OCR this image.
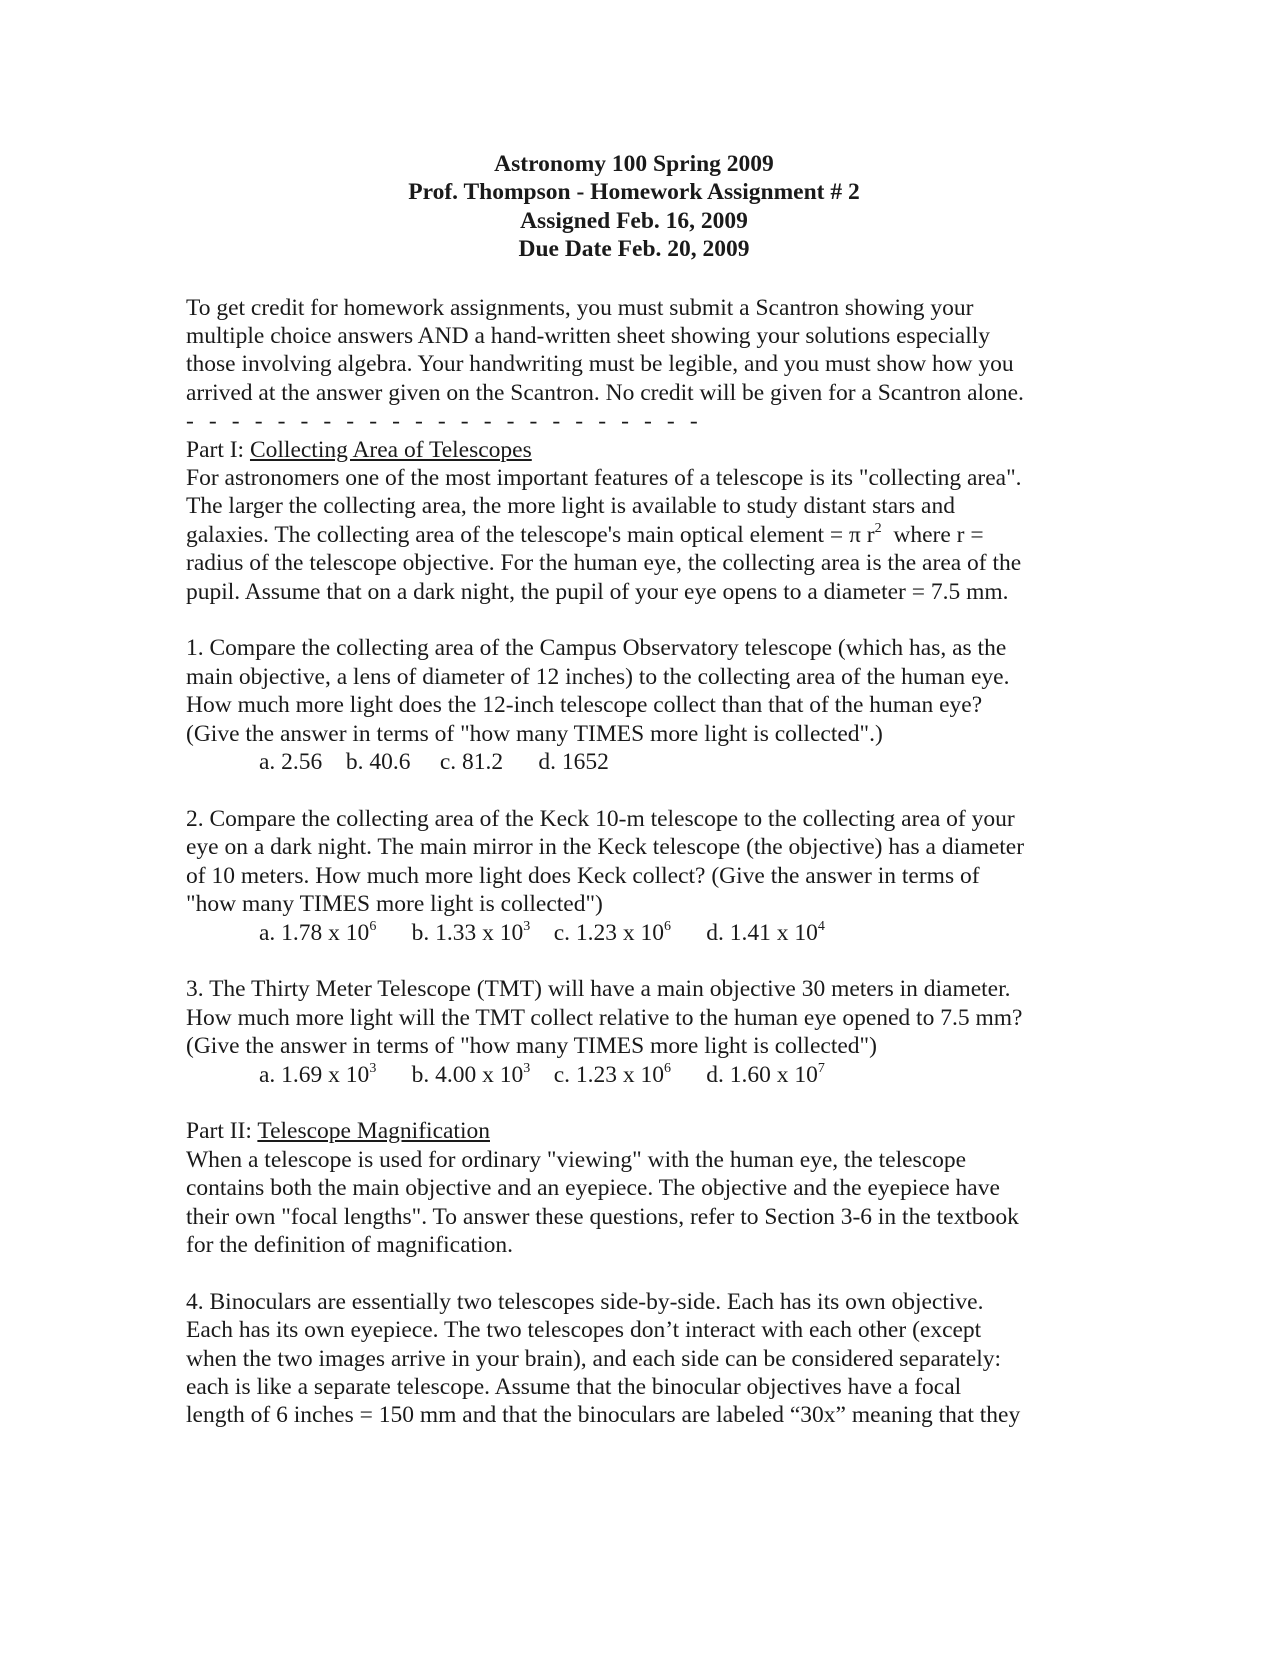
Astronomy 100 Spring 2009
Prof. Thompson - Homework Assignment # 2
Assigned Feb. 16, 2009
Due Date Feb. 20, 2009
To get credit for homework assignments, you must submit a Scantron showing your
multiple choice answers AND a hand-written sheet showing your solutions especially
those involving algebra. Your handwriting must be legible, and you must show how you
arrived at the answer given on the Scantron. No credit will be given for a Scantron alone.
- - - - - - - - - - - - - - - - - - - - - - -
Part I: Collecting Area of Telescopes
For astronomers one of the most important features of a telescope is its "collecting area".
The larger the collecting area, the more light is available to study distant stars and
galaxies. The collecting area of the telescope's main optical element = π $r^2$  where r =
radius of the telescope objective. For the human eye, the collecting area is the area of the
pupil. Assume that on a dark night, the pupil of your eye opens to a diameter = 7.5 mm.
1. Compare the collecting area of the Campus Observatory telescope (which has, as the
main objective, a lens of diameter of 12 inches) to the collecting area of the human eye.
How much more light does the 12-inch telescope collect than that of the human eye?
(Give the answer in terms of "how many TIMES more light is collected".)
a. 2.56 b. 40.6 c. 81.2 d. 1652
2. Compare the collecting area of the Keck 10-m telescope to the collecting area of your
eye on a dark night. The main mirror in the Keck telescope (the objective) has a diameter
of 10 meters. How much more light does Keck collect? (Give the answer in terms of
"how many TIMES more light is collected")
a. 1.78 x $10^6$ b. 1.33 x $10^3$ c. 1.23 x $10^6$ d. 1.41 x $10^4$
3. The Thirty Meter Telescope (TMT) will have a main objective 30 meters in diameter.
How much more light will the TMT collect relative to the human eye opened to 7.5 mm?
(Give the answer in terms of "how many TIMES more light is collected")
a. 1.69 x $10^3$ b. 4.00 x $10^3$ c. 1.23 x $10^6$ d. 1.60 x $10^7$
Part II: Telescope Magnification
When a telescope is used for ordinary "viewing" with the human eye, the telescope
contains both the main objective and an eyepiece. The objective and the eyepiece have
their own "focal lengths". To answer these questions, refer to Section 3-6 in the textbook
for the definition of magnification.
4. Binoculars are essentially two telescopes side-by-side. Each has its own objective.
Each has its own eyepiece. The two telescopes don’t interact with each other (except
when the two images arrive in your brain), and each side can be considered separately:
each is like a separate telescope. Assume that the binocular objectives have a focal
length of 6 inches = 150 mm and that the binoculars are labeled “30x” meaning that they
